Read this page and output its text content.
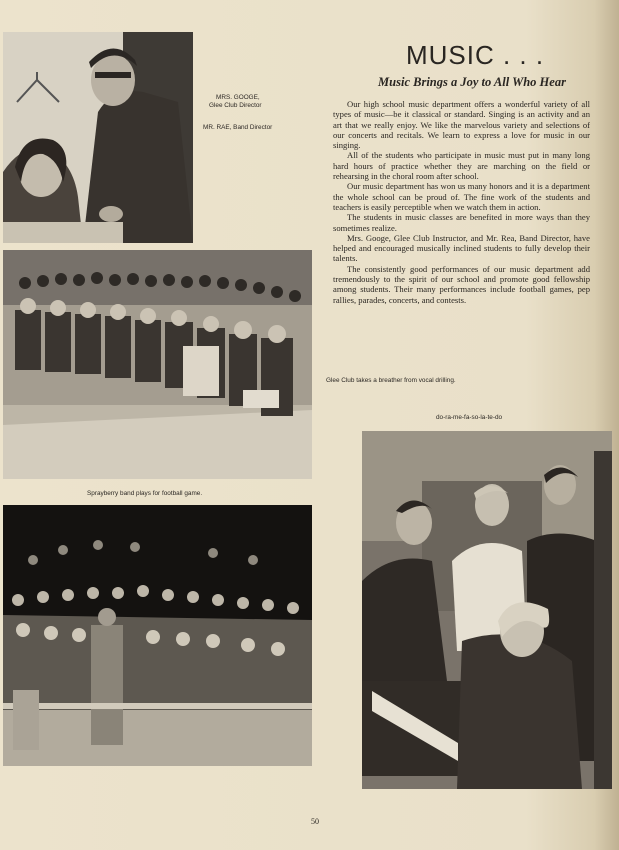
MRS. GOOGE,
Glee Club Director
MR. RAE, Band Director
MUSIC . . .
Music Brings a Joy to All Who Hear

Our high school music department offers a wonderful variety of all types of music—be it classical or standard. Singing is an activity and an art that we really enjoy. We like the marvelous variety and selections of our concerts and recitals. We learn to express a love for music in our singing.

All of the students who participate in music must put in many long hard hours of practice whether they are marching on the field or rehearsing in the choral room after school.

Our music department has won us many honors and it is a department the whole school can be proud of. The fine work of the students and teachers is easily perceptible when we watch them in action.

The students in music classes are benefited in more ways than they sometimes realize.

Mrs. Googe, Glee Club Instructor, and Mr. Rea, Band Director, have helped and encouraged musically inclined students to fully develop their talents.

The consistently good performances of our music department add tremendously to the spirit of our school and promote good fellowship among students. Their many performances include football games, pep rallies, parades, concerts, and contests.

Glee Club takes a breather from vocal drilling.
do-ra-me-fa-so-la-te-do
Sprayberry band plays for football game.
50
